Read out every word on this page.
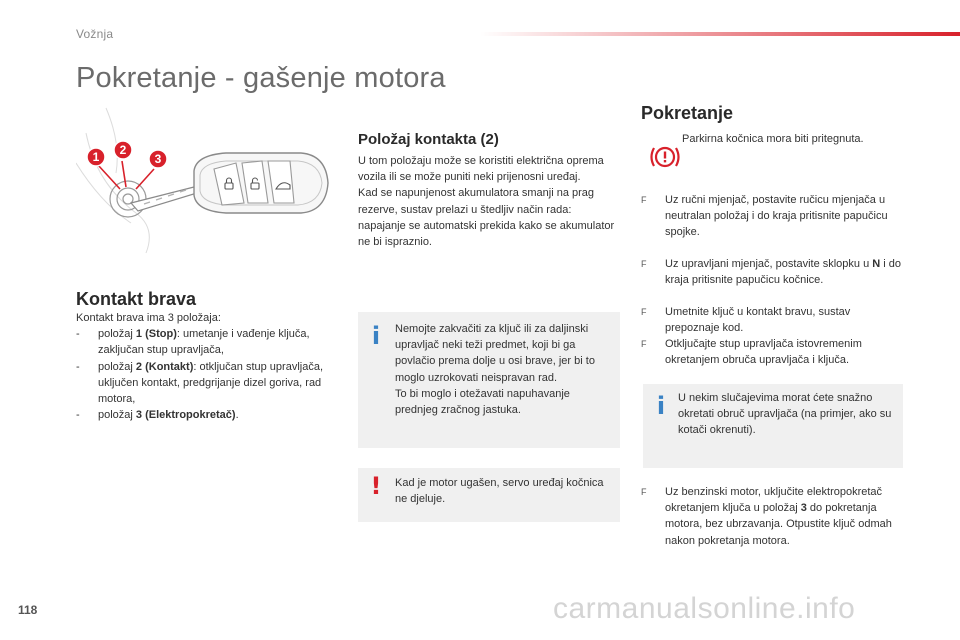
Vožnja
Pokretanje - gašenje motora
1 2
3
Kontakt brava

Kontakt brava ima 3 položaja:

- položaj 1 (Stop): umetanje i vađenje ključa, zaključan stup upravljača,
- položaj 2 (Kontakt): otključan stup upravljača, uključen kontakt, predgrijanje dizel goriva, rad motora,
- položaj 3 (Elektropokretač).
Položaj kontakta (2)

U tom položaju može se koristiti električna oprema vozila ili se može puniti neki prijenosni uređaj.

Kad se napunjenost akumulatora smanji na prag rezerve, sustav prelazi u štedljiv način rada: napajanje se automatski prekida kako se akumulator ne bi ispraznio.

i	Nemojte zakvačiti za ključ ili za daljinski upravljač neki teži predmet, koji bi ga povlačio prema dolje u osi brave, jer bi to moglo uzrokovati neispravan rad.

To bi moglo i otežavati napuhavanje prednjeg zračnog jastuka.

!	Kad je motor ugašen, servo uređaj kočnica ne djeluje.
Pokretanje
Parkirna kočnica mora biti pritegnuta.
F	Uz ručni mjenjač, postavite ručicu mjenjača u neutralan položaj i do kraja pritisnite papučicu spojke.
F	Uz upravljani mjenjač, postavite sklopku u N i do kraja pritisnite papučicu kočnice.
F	Umetnite ključ u kontakt bravu, sustav prepoznaje kod.
F	Otključajte stup upravljača istovremenim okretanjem obruča upravljača i ključa.
i	U nekim slučajevima morat ćete snažno okretati obruč upravljača (na primjer, ako su kotači okrenuti).
F	Uz benzinski motor, uključite elektropokretač okretanjem ključa u položaj 3 do pokretanja motora, bez ubrzavanja. Otpustite ključ odmah nakon pokretanja motora.
118	carmanualsonline.info
